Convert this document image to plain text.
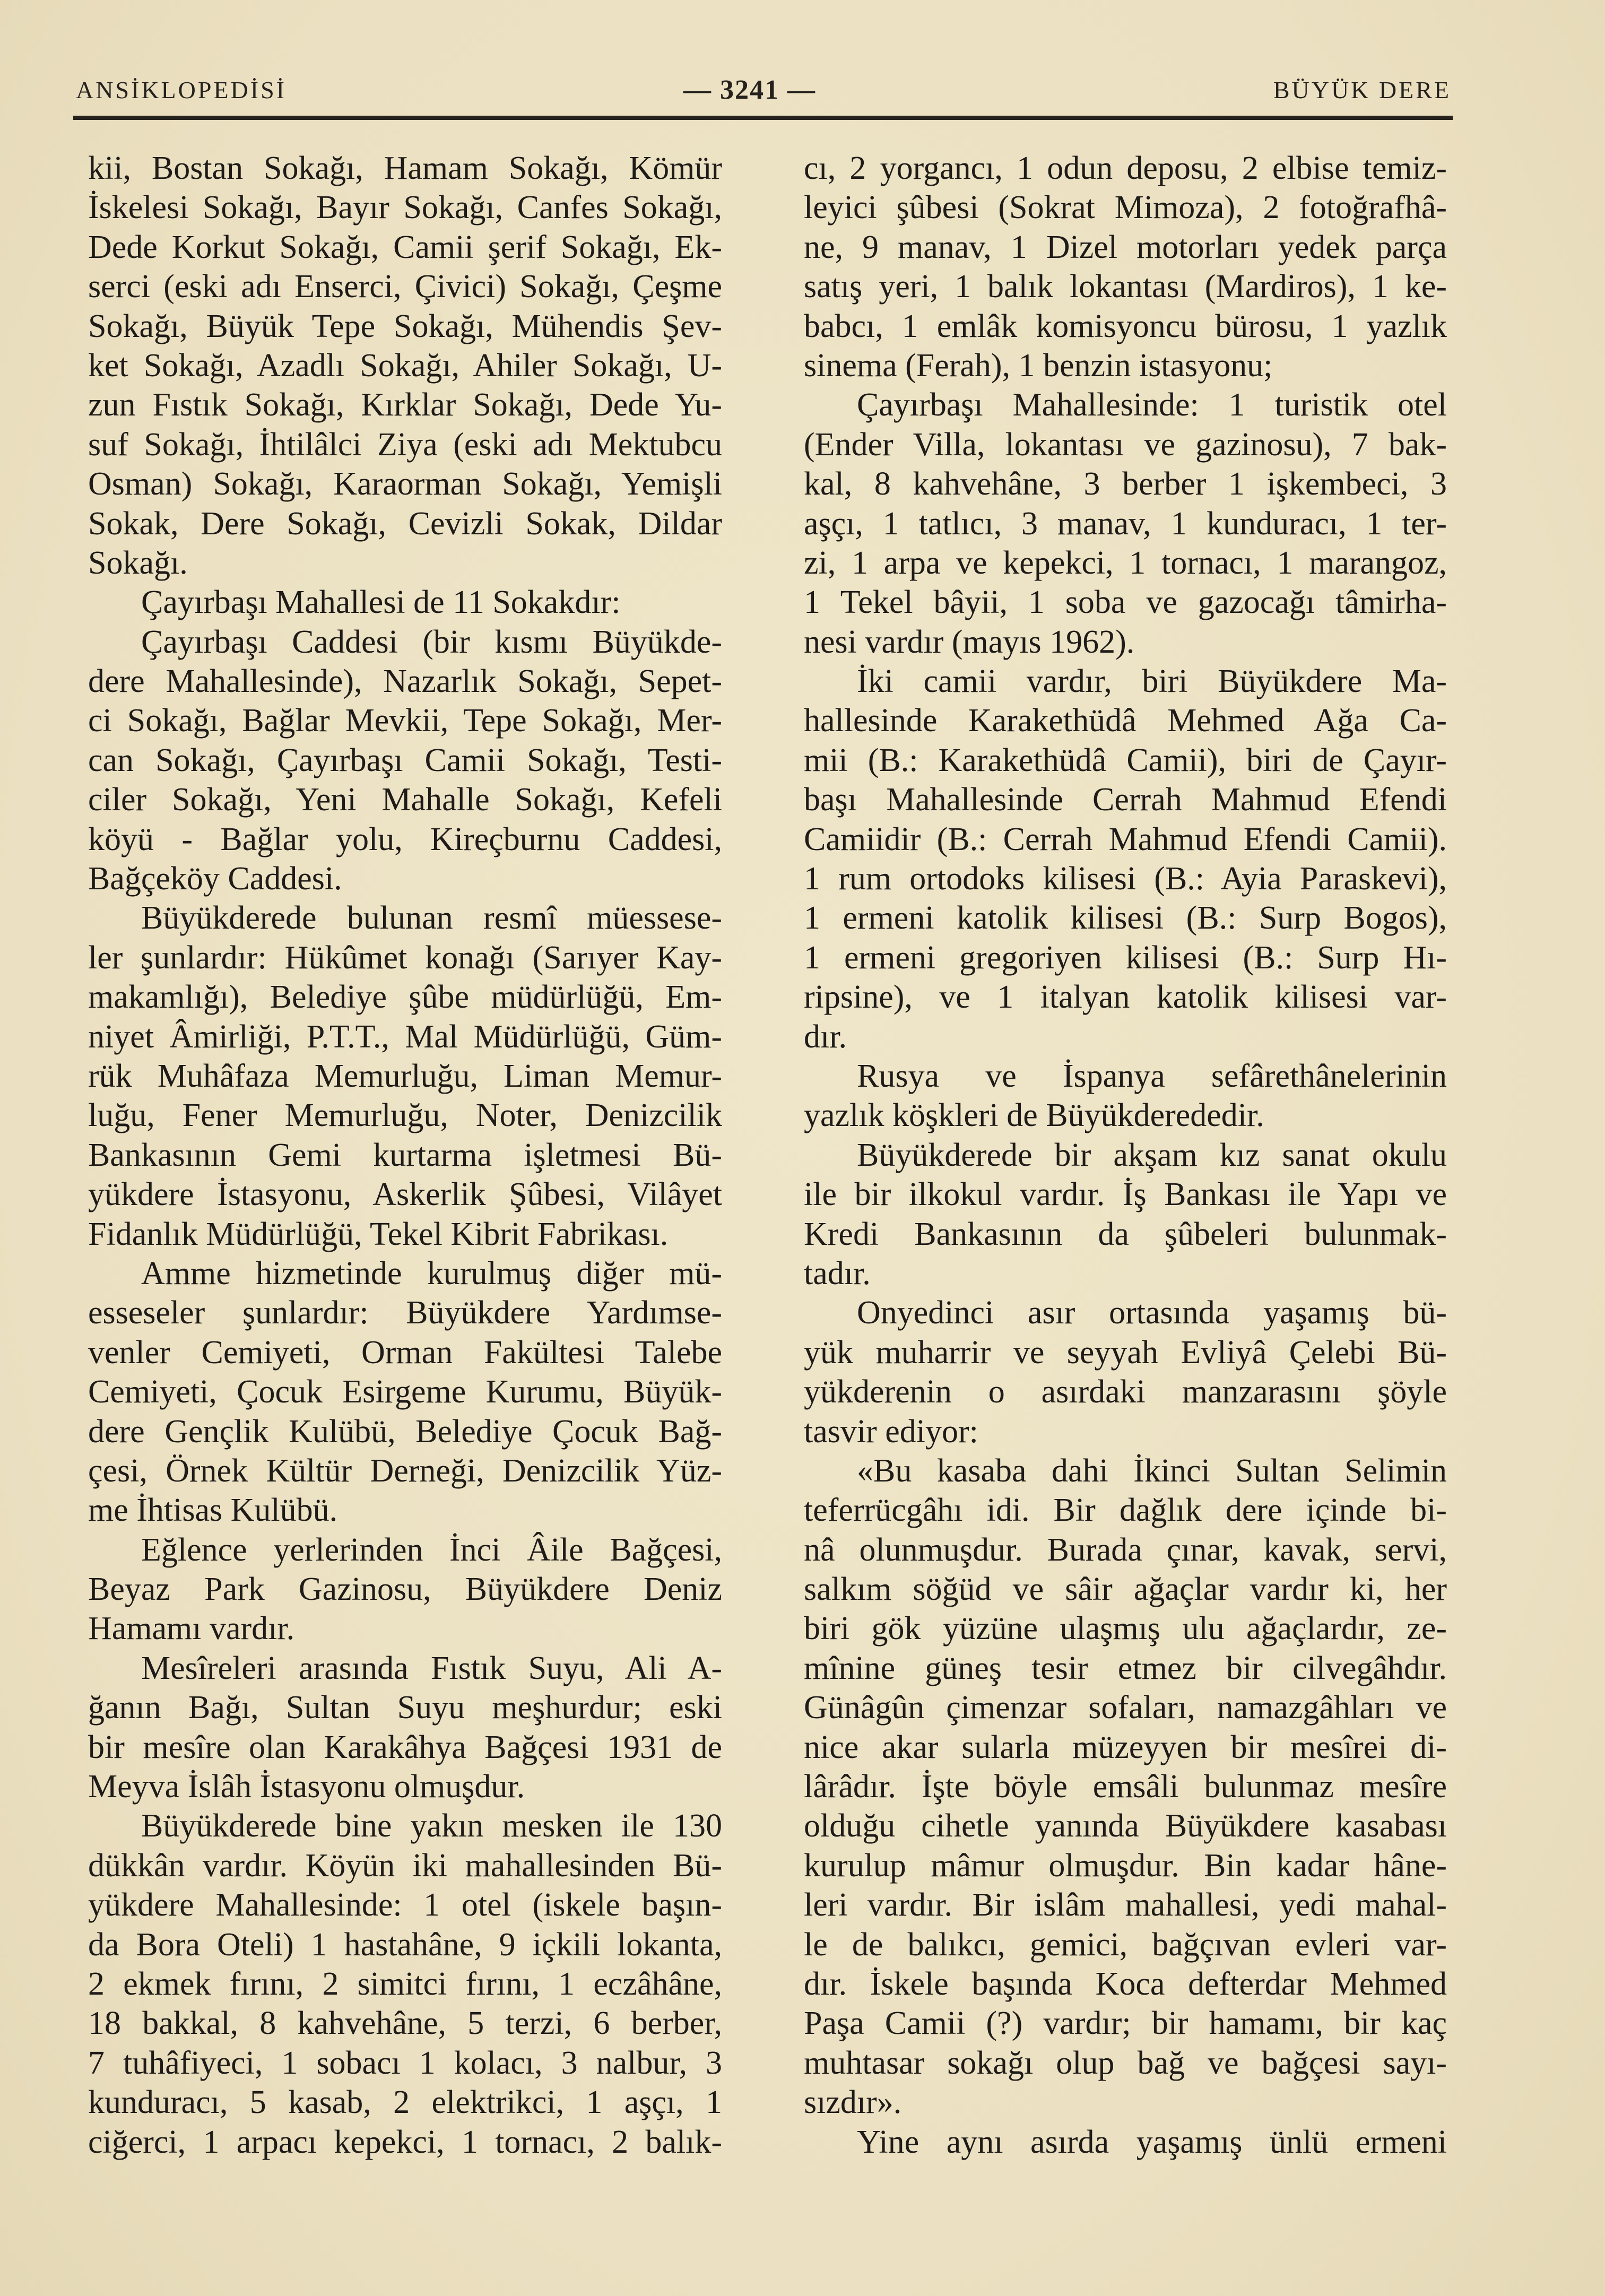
ANSİKLOPEDİSİ	— 3241 —	BÜYÜK DERE
kii, Bostan Sokağı, Hamam Sokağı, Kömür
İskelesi Sokağı, Bayır Sokağı, Canfes Sokağı,
Dede Korkut Sokağı, Camii şerif Sokağı, Ek-
serci (eski adı Enserci, Çivici) Sokağı, Çeşme
Sokağı, Büyük Tepe Sokağı, Mühendis Şev-
ket Sokağı, Azadlı Sokağı, Ahiler Sokağı, U-
zun Fıstık Sokağı, Kırklar Sokağı, Dede Yu-
suf Sokağı, İhtilâlci Ziya (eski adı Mektubcu
Osman) Sokağı, Karaorman Sokağı, Yemişli
Sokak, Dere Sokağı, Cevizli Sokak, Dildar
Sokağı.
Çayırbaşı Mahallesi de 11 Sokakdır:
Çayırbaşı Caddesi (bir kısmı Büyükde-
dere Mahallesinde), Nazarlık Sokağı, Sepet-
ci Sokağı, Bağlar Mevkii, Tepe Sokağı, Mer-
can Sokağı, Çayırbaşı Camii Sokağı, Testi-
ciler Sokağı, Yeni Mahalle Sokağı, Kefeli
köyü - Bağlar yolu, Kireçburnu Caddesi,
Bağçeköy Caddesi.
Büyükderede bulunan resmî müessese-
ler şunlardır: Hükûmet konağı (Sarıyer Kay-
makamlığı), Belediye şûbe müdürlüğü, Em-
niyet Âmirliği, P.T.T., Mal Müdürlüğü, Güm-
rük Muhâfaza Memurluğu, Liman Memur-
luğu, Fener Memurluğu, Noter, Denizcilik
Bankasının Gemi kurtarma işletmesi Bü-
yükdere İstasyonu, Askerlik Şûbesi, Vilâyet
Fidanlık Müdürlüğü, Tekel Kibrit Fabrikası.
Amme hizmetinde kurulmuş diğer mü-
esseseler şunlardır: Büyükdere Yardımse-
venler Cemiyeti, Orman Fakültesi Talebe
Cemiyeti, Çocuk Esirgeme Kurumu, Büyük-
dere Gençlik Kulübü, Belediye Çocuk Bağ-
çesi, Örnek Kültür Derneği, Denizcilik Yüz-
me İhtisas Kulübü.
Eğlence yerlerinden İnci Âile Bağçesi,
Beyaz Park Gazinosu, Büyükdere Deniz
Hamamı vardır.
Mesîreleri arasında Fıstık Suyu, Ali A-
ğanın Bağı, Sultan Suyu meşhurdur; eski
bir mesîre olan Karakâhya Bağçesi 1931 de
Meyva İslâh İstasyonu olmuşdur.
Büyükderede bine yakın mesken ile 130
dükkân vardır. Köyün iki mahallesinden Bü-
yükdere Mahallesinde: 1 otel (iskele başın-
da Bora Oteli) 1 hastahâne, 9 içkili lokanta,
2 ekmek fırını, 2 simitci fırını, 1 eczâhâne,
18 bakkal, 8 kahvehâne, 5 terzi, 6 berber,
7 tuhâfiyeci, 1 sobacı 1 kolacı, 3 nalbur, 3
kunduracı, 5 kasab, 2 elektrikci, 1 aşçı, 1
ciğerci, 1 arpacı kepekci, 1 tornacı, 2 balık-
cı, 2 yorgancı, 1 odun deposu, 2 elbise temiz-
leyici şûbesi (Sokrat Mimoza), 2 fotoğrafhâ-
ne, 9 manav, 1 Dizel motorları yedek parça
satış yeri, 1 balık lokantası (Mardiros), 1 ke-
babcı, 1 emlâk komisyoncu bürosu, 1 yazlık
sinema (Ferah), 1 benzin istasyonu;
Çayırbaşı Mahallesinde: 1 turistik otel
(Ender Villa, lokantası ve gazinosu), 7 bak-
kal, 8 kahvehâne, 3 berber 1 işkembeci, 3
aşçı, 1 tatlıcı, 3 manav, 1 kunduracı, 1 ter-
zi, 1 arpa ve kepekci, 1 tornacı, 1 marangoz,
1 Tekel bâyii, 1 soba ve gazocağı tâmirha-
nesi vardır (mayıs 1962).
İki camii vardır, biri Büyükdere Ma-
hallesinde Karakethüdâ Mehmed Ağa Ca-
mii (B.: Karakethüdâ Camii), biri de Çayır-
başı Mahallesinde Cerrah Mahmud Efendi
Camiidir (B.: Cerrah Mahmud Efendi Camii).
1 rum ortodoks kilisesi (B.: Ayia Paraskevi),
1 ermeni katolik kilisesi (B.: Surp Bogos),
1 ermeni gregoriyen kilisesi (B.: Surp Hı-
ripsine), ve 1 italyan katolik kilisesi var-
dır.
Rusya ve İspanya sefârethânelerinin
yazlık köşkleri de Büyükderededir.
Büyükderede bir akşam kız sanat okulu
ile bir ilkokul vardır. İş Bankası ile Yapı ve
Kredi Bankasının da şûbeleri bulunmak-
tadır.
Onyedinci asır ortasında yaşamış bü-
yük muharrir ve seyyah Evliyâ Çelebi Bü-
yükderenin o asırdaki manzarasını şöyle
tasvir ediyor:
«Bu kasaba dahi İkinci Sultan Selimin
teferrücgâhı idi. Bir dağlık dere içinde bi-
nâ olunmuşdur. Burada çınar, kavak, servi,
salkım söğüd ve sâir ağaçlar vardır ki, her
biri gök yüzüne ulaşmış ulu ağaçlardır, ze-
mînine güneş tesir etmez bir cilvegâhdır.
Günâgûn çimenzar sofaları, namazgâhları ve
nice akar sularla müzeyyen bir mesîrei di-
lârâdır. İşte böyle emsâli bulunmaz mesîre
olduğu cihetle yanında Büyükdere kasabası
kurulup mâmur olmuşdur. Bin kadar hâne-
leri vardır. Bir islâm mahallesi, yedi mahal-
le de balıkcı, gemici, bağçıvan evleri var-
dır. İskele başında Koca defterdar Mehmed
Paşa Camii (?) vardır; bir hamamı, bir kaç
muhtasar sokağı olup bağ ve bağçesi sayı-
sızdır».
Yine aynı asırda yaşamış ünlü ermeni
